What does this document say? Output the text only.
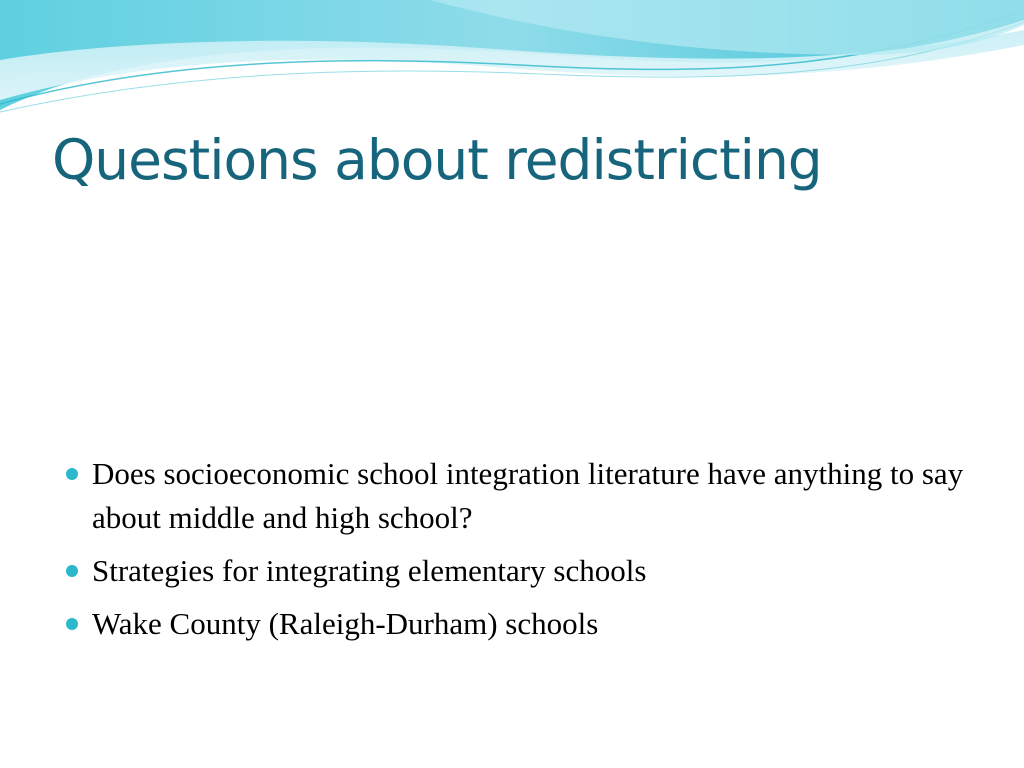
Questions about redistricting
Does socioeconomic school integration literature have anything to say about middle and high school?
Strategies for integrating elementary schools
Wake County (Raleigh-Durham) schools
